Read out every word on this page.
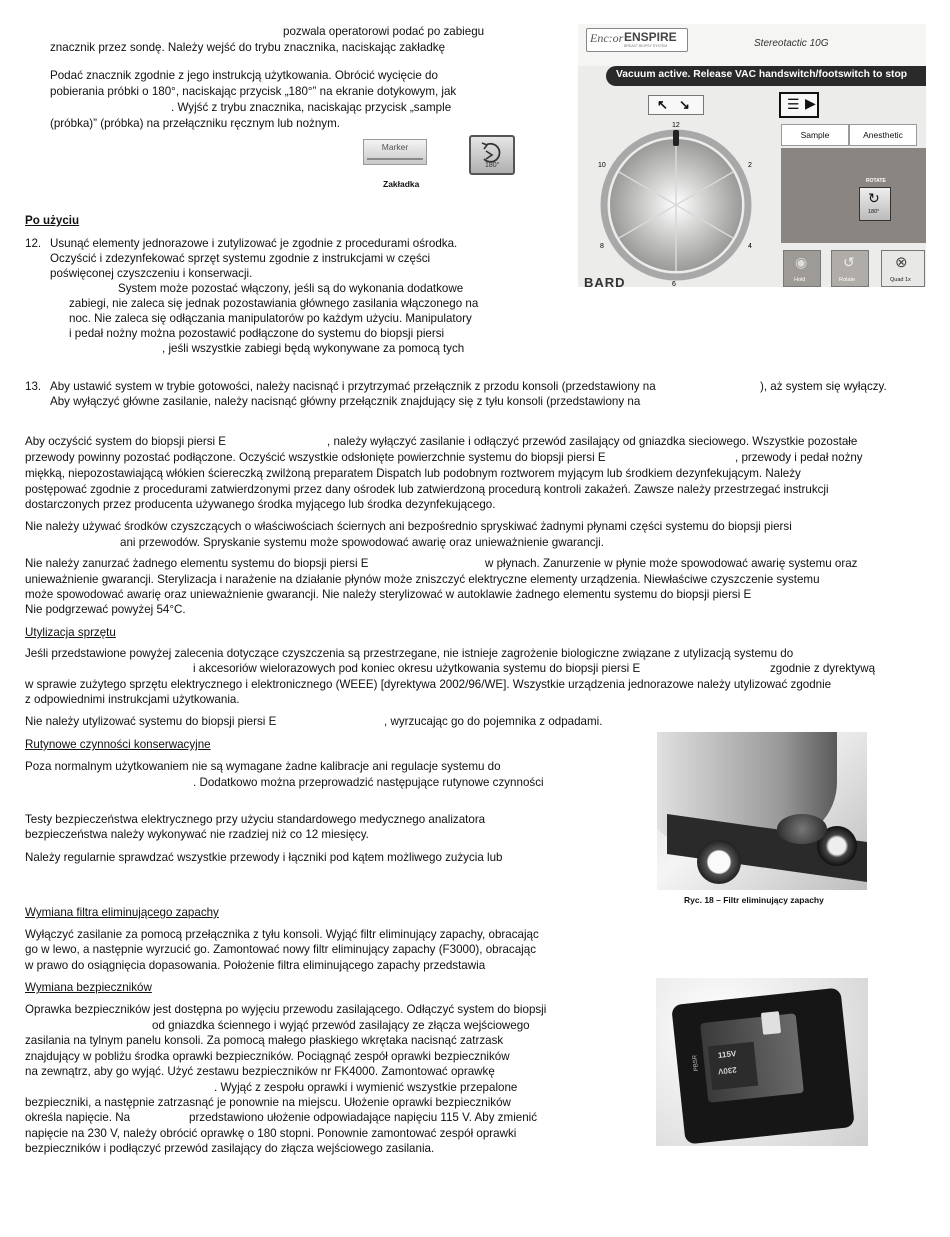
pozwala operatorowi podać po zabiegu

znacznik przez sondę. Należy wejść do trybu znacznika, naciskając zakładkę

Podać znacznik zgodnie z jego instrukcją użytkowania. Obrócić wycięcie do

pobierania próbki o 180°, naciskając przycisk „180°” na ekranie dotykowym, jak

. Wyjść z trybu znacznika, naciskając przycisk „sample

(próbka)” (próbka) na przełączniku ręcznym lub nożnym.

Marker
180°

Zakładka

Enc:or ENSPIRE
BREAST BIOPSY SYSTEM	Stereotactic 10G
Vacuum active. Release VAC handswitch/footswitch to stop
↖ ↘	☰ ▶
12
2
4
6
8
10
Sample	Anesthetic
ROTATE
↻
180°
◉
Hold
↺
Rotate
⊗
Quad 1x
BARD

Po użyciu

12. Usunąć elementy jednorazowe i zutylizować je zgodnie z procedurami ośrodka.

Oczyścić i zdezynfekować sprzęt systemu zgodnie z instrukcjami w części

poświęconej czyszczeniu i konserwacji.

System może pozostać włączony, jeśli są do wykonania dodatkowe

zabiegi, nie zaleca się jednak pozostawiania głównego zasilania włączonego na

noc. Nie zaleca się odłączania manipulatorów po każdym użyciu. Manipulatory

i pedał nożny można pozostawić podłączone do systemu do biopsji piersi

, jeśli wszystkie zabiegi będą wykonywane za pomocą tych

13. Aby ustawić system w trybie gotowości, należy nacisnąć i przytrzymać przełącznik z przodu konsoli (przedstawiony na	), aż system się wyłączy.

Aby wyłączyć główne zasilanie, należy nacisnąć główny przełącznik znajdujący się z tyłu konsoli (przedstawiony na

Aby oczyścić system do biopsji piersi E	, należy wyłączyć zasilanie i odłączyć przewód zasilający od gniazdka sieciowego. Wszystkie pozostałe

przewody powinny pozostać podłączone. Oczyścić wszystkie odsłonięte powierzchnie systemu do biopsji piersi E	, przewody i pedał nożny

miękką, niepozostawiającą włókien ściereczką zwilżoną preparatem Dispatch lub podobnym roztworem myjącym lub środkiem dezynfekującym. Należy

postępować zgodnie z procedurami zatwierdzonymi przez dany ośrodek lub zatwierdzoną procedurą kontroli zakażeń. Zawsze należy przestrzegać instrukcji

dostarczonych przez producenta używanego środka myjącego lub środka dezynfekującego.

Nie należy używać środków czyszczących o właściwościach ściernych ani bezpośrednio spryskiwać żadnymi płynami części systemu do biopsji piersi

ani przewodów. Spryskanie systemu może spowodować awarię oraz unieważnienie gwarancji.

Nie należy zanurzać żadnego elementu systemu do biopsji piersi E	w płynach. Zanurzenie w płynie może spowodować awarię systemu oraz

unieważnienie gwarancji. Sterylizacja i narażenie na działanie płynów może zniszczyć elektryczne elementy urządzenia. Niewłaściwe czyszczenie systemu

może spowodować awarię oraz unieważnienie gwarancji. Nie należy sterylizować w autoklawie żadnego elementu systemu do biopsji piersi E

Nie podgrzewać powyżej 54°C.

Utylizacja sprzętu

Jeśli przedstawione powyżej zalecenia dotyczące czyszczenia są przestrzegane, nie istnieje zagrożenie biologiczne związane z utylizacją systemu do

i akcesoriów wielorazowych pod koniec okresu użytkowania systemu do biopsji piersi E	zgodnie z dyrektywą

w sprawie zużytego sprzętu elektrycznego i elektronicznego (WEEE) [dyrektywa 2002/96/WE]. Wszystkie urządzenia jednorazowe należy utylizować zgodnie

z odpowiednimi instrukcjami użytkowania.

Nie należy utylizować systemu do biopsji piersi E	, wyrzucając go do pojemnika z odpadami.

Rutynowe czynności konserwacyjne

Poza normalnym użytkowaniem nie są wymagane żadne kalibracje ani regulacje systemu do

. Dodatkowo można przeprowadzić następujące rutynowe czynności

Testy bezpieczeństwa elektrycznego przy użyciu standardowego medycznego analizatora

bezpieczeństwa należy wykonywać nie rzadziej niż co 12 miesięcy.

Należy regularnie sprawdzać wszystkie przewody i łączniki pod kątem możliwego zużycia lub

Ryc. 18 – Filtr eliminujący zapachy

Wymiana filtra eliminującego zapachy

Wyłączyć zasilanie za pomocą przełącznika z tyłu konsoli. Wyjąć filtr eliminujący zapachy, obracając

go w lewo, a następnie wyrzucić go. Zamontować nowy filtr eliminujący zapachy (F3000), obracając

w prawo do osiągnięcia dopasowania. Położenie filtra eliminującego zapachy przedstawia

Wymiana bezpieczników

Oprawka bezpieczników jest dostępna po wyjęciu przewodu zasilającego. Odłączyć system do biopsji

od gniazdka ściennego i wyjąć przewód zasilający ze złącza wejściowego

zasilania na tylnym panelu konsoli. Za pomocą małego płaskiego wkrętaka nacisnąć zatrzask

znajdujący w pobliżu środka oprawki bezpieczników. Pociągnąć zespół oprawki bezpieczników

na zewnątrz, aby go wyjąć. Użyć zestawu bezpieczników nr FK4000. Zamontować oprawkę

. Wyjąć z zespołu oprawki i wymienić wszystkie przepalone

bezpieczniki, a następnie zatrzasnąć je ponownie na miejscu. Ułożenie oprawki bezpieczników

określa napięcie. Na	przedstawiono ułożenie odpowiadające napięciu 115 V. Aby zmienić

napięcie na 230 V, należy obrócić oprawkę o 180 stopni. Ponownie zamontować zespół oprawki

bezpieczników i podłączyć przewód zasilający do złącza wejściowego zasilania.

115V
230V
PBSR
